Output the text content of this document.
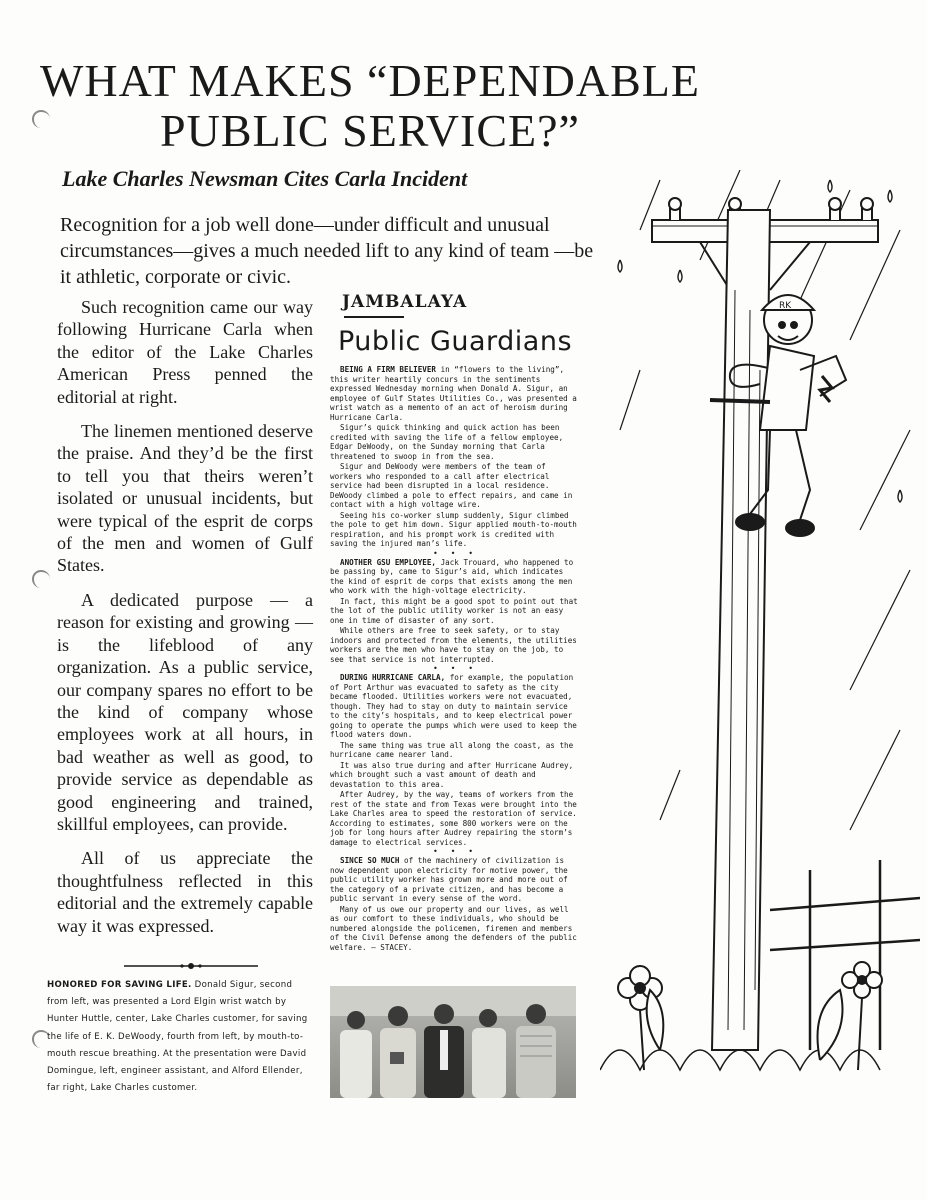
WHAT MAKES “DEPENDABLE
PUBLIC SERVICE?”
Lake Charles Newsman Cites Carla Incident
Recognition for a job well done—under difficult and unusual circumstances—gives a much needed lift to any kind of team —be it athletic, corporate or civic.

Such recognition came our way following Hurricane Carla when the editor of the Lake Charles American Press penned the editorial at right.

The linemen mentioned deserve the praise. And they’d be the first to tell you that theirs weren’t isolated or unusual incidents, but were typical of the esprit de corps of the men and women of Gulf States.

A dedicated purpose — a reason for existing and growing — is the lifeblood of any organization. As a public service, our company spares no effort to be the kind of company whose employees work at all hours, in bad weather as well as good, to provide service as dependable as good engineering and trained, skillful employees, can provide.

All of us appreciate the thoughtfulness reflected in this editorial and the extremely capable way it was expressed.

HONORED FOR SAVING LIFE. Donald Sigur, second from left, was presented a Lord Elgin wrist watch by Hunter Huttle, center, Lake Charles customer, for saving the life of E. K. DeWoody, fourth from left, by mouth-to-mouth rescue breathing. At the presentation were David Domingue, left, engineer assistant, and Alford Ellender, far right, Lake Charles customer.
JAMBALAYA
Public Guardians

BEING A FIRM BELIEVER in “flowers to the living”, this writer heartily concurs in the sentiments expressed Wednesday morning when Donald A. Sigur, an employee of Gulf States Utilities Co., was presented a wrist watch as a memento of an act of heroism during Hurricane Carla.

Sigur’s quick thinking and quick action has been credited with saving the life of a fellow employee, Edgar DeWoody, on the Sunday morning that Carla threatened to swoop in from the sea.

Sigur and DeWoody were members of the team of workers who responded to a call after electrical service had been disrupted in a local residence. DeWoody climbed a pole to effect repairs, and came in contact with a high voltage wire.

Seeing his co-worker slump suddenly, Sigur climbed the pole to get him down. Sigur applied mouth-to-mouth respiration, and his prompt work is credited with saving the injured man’s life.

• • •

ANOTHER GSU EMPLOYEE, Jack Trouard, who happened to be passing by, came to Sigur’s aid, which indicates the kind of esprit de corps that exists among the men who work with the high-voltage electricity.

In fact, this might be a good spot to point out that the lot of the public utility worker is not an easy one in time of disaster of any sort.

While others are free to seek safety, or to stay indoors and protected from the elements, the utilities workers are the men who have to stay on the job, to see that service is not interrupted.

• • •

DURING HURRICANE CARLA, for example, the population of Port Arthur was evacuated to safety as the city became flooded. Utilities workers were not evacuated, though. They had to stay on duty to maintain service to the city’s hospitals, and to keep electrical power going to operate the pumps which were used to keep the flood waters down.

The same thing was true all along the coast, as the hurricane came nearer land.

It was also true during and after Hurricane Audrey, which brought such a vast amount of death and devastation to this area.

After Audrey, by the way, teams of workers from the rest of the state and from Texas were brought into the Lake Charles area to speed the restoration of service. According to estimates, some 800 workers were on the job for long hours after Audrey repairing the storm’s damage to electrical services.

• • •

SINCE SO MUCH of the machinery of civilization is now dependent upon electricity for motive power, the public utility worker has grown more and more out of the category of a private citizen, and has become a public servant in every sense of the word.

Many of us owe our property and our lives, as well as our comfort to these individuals, who should be numbered alongside the policemen, firemen and members of the Civil Defense among the defenders of the public welfare. — STACEY.

RK
